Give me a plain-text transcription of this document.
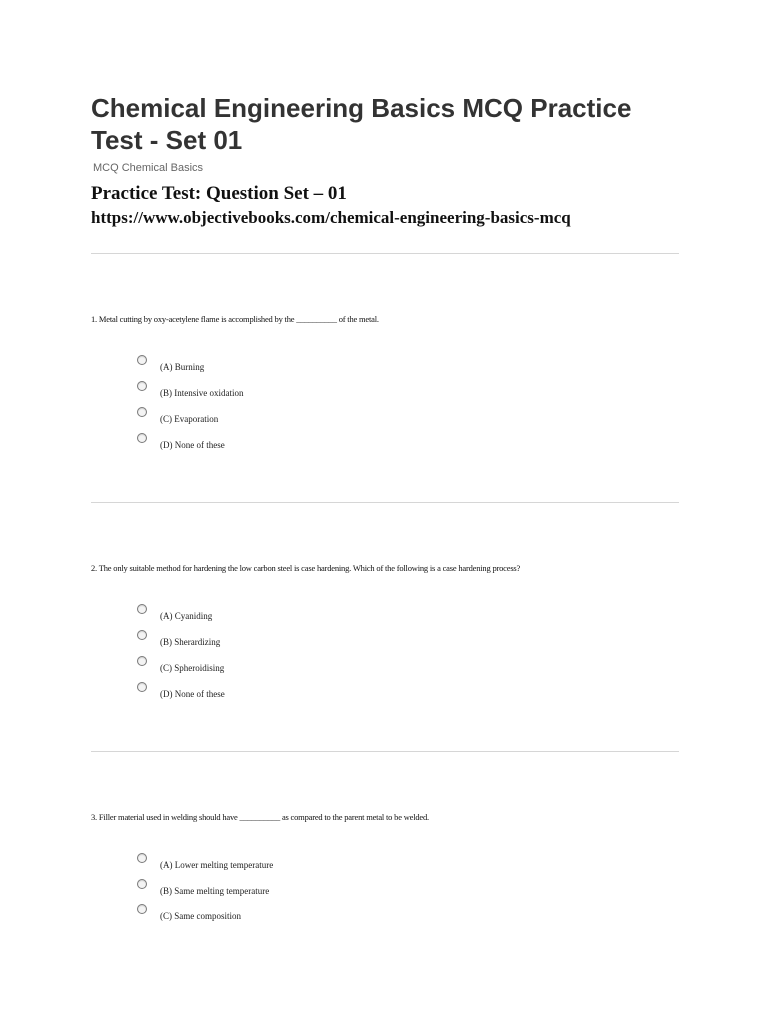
Chemical Engineering Basics MCQ Practice Test - Set 01
MCQ Chemical Basics
Practice Test: Question Set – 01
https://www.objectivebooks.com/chemical-engineering-basics-mcq
1. Metal cutting by oxy-acetylene flame is accomplished by the __________ of the metal.
(A) Burning
(B) Intensive oxidation
(C) Evaporation
(D) None of these
2. The only suitable method for hardening the low carbon steel is case hardening. Which of the following is a case hardening process?
(A) Cyaniding
(B) Sherardizing
(C) Spheroidising
(D) None of these
3. Filler material used in welding should have __________ as compared to the parent metal to be welded.
(A) Lower melting temperature
(B) Same melting temperature
(C) Same composition
